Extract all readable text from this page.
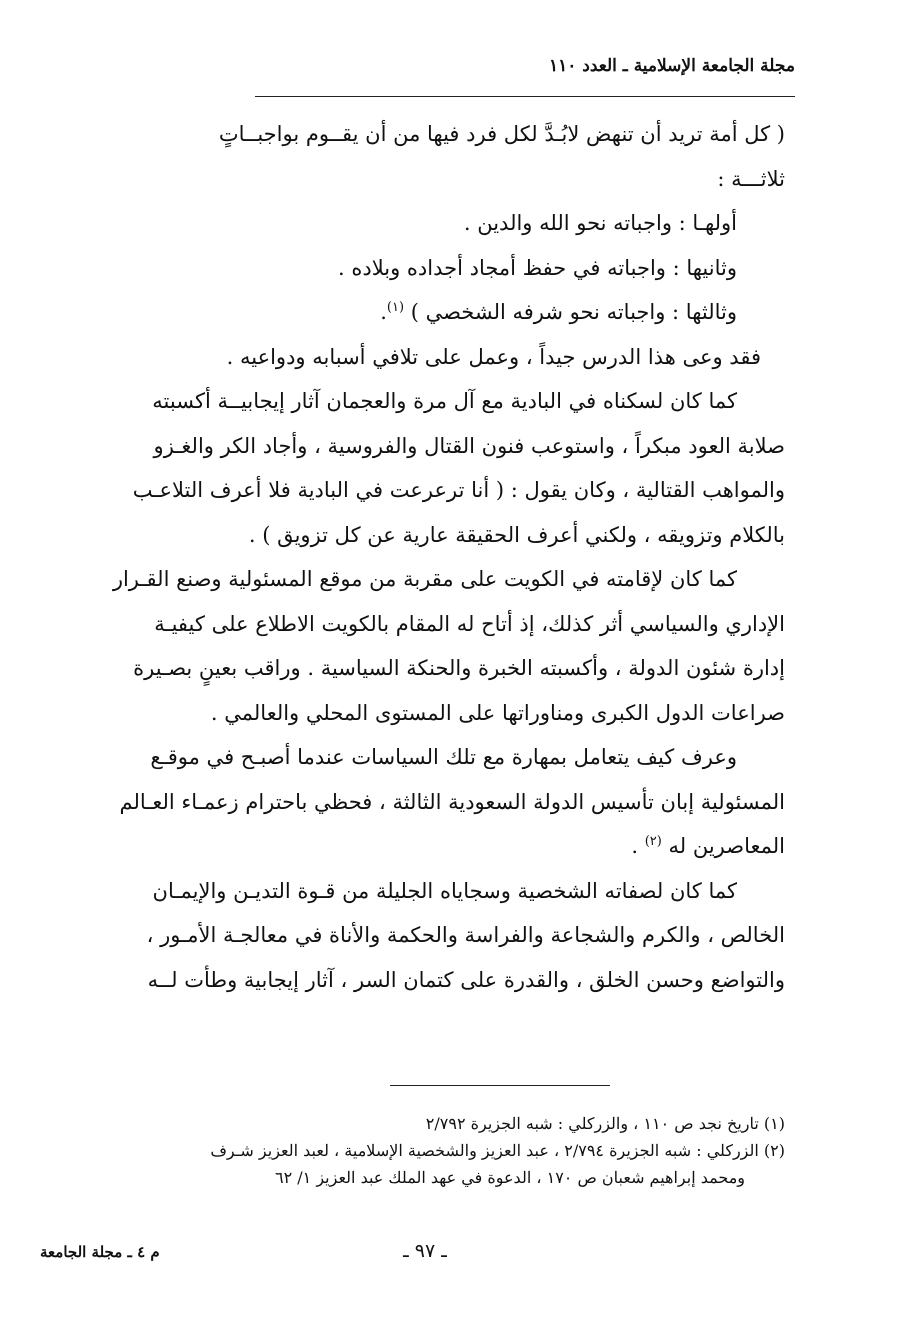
مجلة الجامعة الإسلامية ـ العدد ١١٠
( كل أمة تريد أن تنهض لابُـدَّ لكل فرد فيها من أن يقــوم بواجبــاتٍ
ثلاثـــة :
أولهـا : واجباته نحو الله والدين .
وثانيها : واجباته في حفظ أمجاد أجداده وبلاده .
وثالثها : واجباته نحو شرفه الشخصي ) $^{(١)}$.
فقد وعى هذا الدرس جيداً ، وعمل على تلافي أسبابه ودواعيه .
كما كان لسكناه في البادية مع آل مرة والعجمان آثار إيجابيــة أكسبته
صلابة العود مبكراً ، واستوعب فنون القتال والفروسية ، وأجاد الكر والغـزو
والمواهب القتالية ، وكان يقول : ( أنا ترعرعت في البادية فلا أعرف التلاعـب
بالكلام وتزويقه ، ولكني أعرف الحقيقة عارية عن كل تزويق ) .
كما كان لإقامته في الكويت على مقربة من موقع المسئولية وصنع القـرار
الإداري والسياسي أثر كذلك، إذ أتاح له المقام بالكويت الاطلاع على كيفيـة
إدارة شئون الدولة ، وأكسبته الخبرة والحنكة السياسية . وراقب بعينٍ بصـيرة
صراعات الدول الكبرى ومناوراتها على المستوى المحلي والعالمي .
وعرف كيف يتعامل بمهارة مع تلك السياسات عندما أصبـح في موقـع
المسئولية إبان تأسيس الدولة السعودية الثالثة ، فحظي باحترام زعمـاء العـالم
المعاصرين له $^{(٢)}$ .
كما كان لصفاته الشخصية وسجاياه الجليلة من قـوة التديـن والإيمـان
الخالص ، والكرم والشجاعة والفراسة والحكمة والأناة في معالجـة الأمـور ،
والتواضع وحسن الخلق ، والقدرة على كتمان السر ، آثار إيجابية وطأت لــه
(١) تاريخ نجد ص ١١٠ ، والزركلي : شبه الجزيرة ٢/٧٩٢
(٢) الزركلي : شبه الجزيرة ٢/٧٩٤ ، عبد العزيز والشخصية الإسلامية ، لعبد العزيز شـرف
ومحمد إبراهيم شعبان ص ١٧٠ ، الدعوة في عهد الملك عبد العزيز ١/ ٦٢
م ٤ ـ مجلة الجامعة	ـ ٩٧ ـ
